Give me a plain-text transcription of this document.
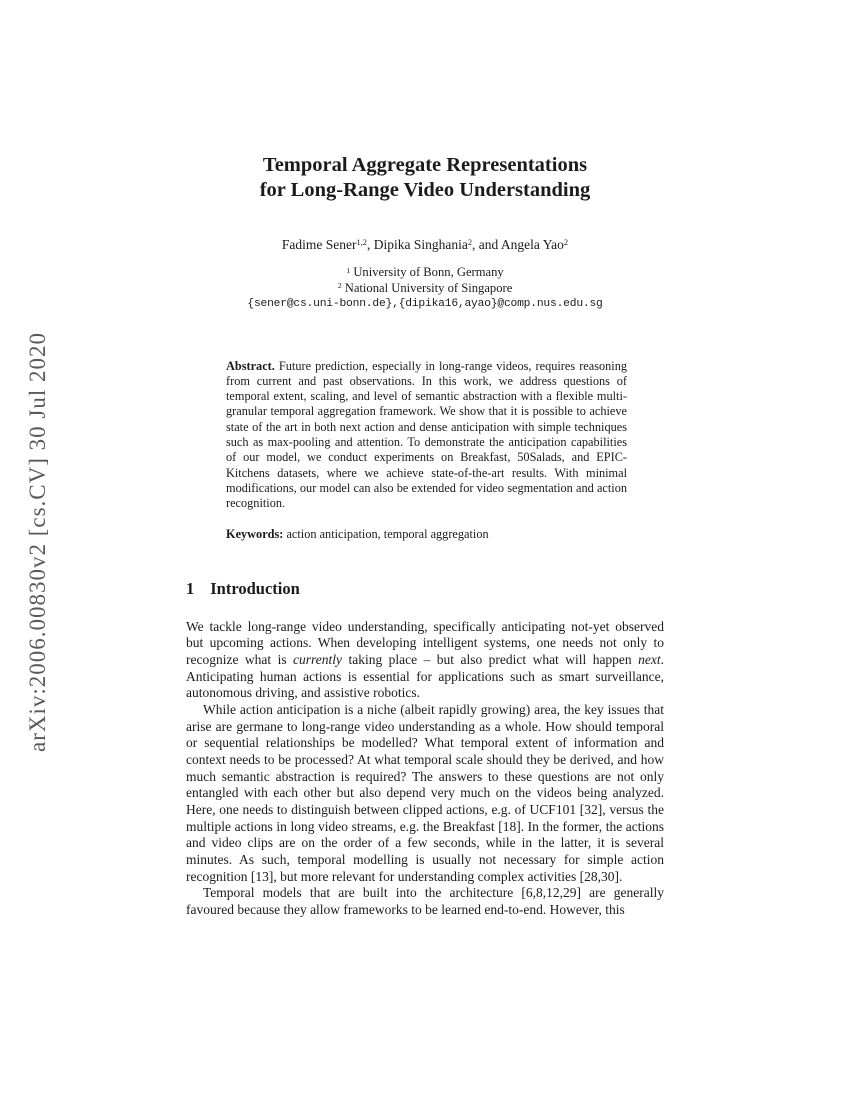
arXiv:2006.00830v2 [cs.CV] 30 Jul 2020
Temporal Aggregate Representations
for Long-Range Video Understanding
Fadime Sener$^{1,2}$, Dipika Singhania$^2$, and Angela Yao$^2$
$^1$ University of Bonn, Germany
$^2$ National University of Singapore
{sener@cs.uni-bonn.de},{dipika16,ayao}@comp.nus.edu.sg
Abstract. Future prediction, especially in long-range videos, requires reasoning from current and past observations. In this work, we address questions of temporal extent, scaling, and level of semantic abstraction with a flexible multi-granular temporal aggregation framework. We show that it is possible to achieve state of the art in both next action and dense anticipation with simple techniques such as max-pooling and attention. To demonstrate the anticipation capabilities of our model, we conduct experiments on Breakfast, 50Salads, and EPIC-Kitchens datasets, where we achieve state-of-the-art results. With minimal modifications, our model can also be extended for video segmentation and action recognition.
Keywords: action anticipation, temporal aggregation
1 Introduction

We tackle long-range video understanding, specifically anticipating not-yet observed but upcoming actions. When developing intelligent systems, one needs not only to recognize what is currently taking place – but also predict what will happen next. Anticipating human actions is essential for applications such as smart surveillance, autonomous driving, and assistive robotics.

While action anticipation is a niche (albeit rapidly growing) area, the key issues that arise are germane to long-range video understanding as a whole. How should temporal or sequential relationships be modelled? What temporal extent of information and context needs to be processed? At what temporal scale should they be derived, and how much semantic abstraction is required? The answers to these questions are not only entangled with each other but also depend very much on the videos being analyzed. Here, one needs to distinguish between clipped actions, e.g. of UCF101 [32], versus the multiple actions in long video streams, e.g. the Breakfast [18]. In the former, the actions and video clips are on the order of a few seconds, while in the latter, it is several minutes. As such, temporal modelling is usually not necessary for simple action recognition [13], but more relevant for understanding complex activities [28,30].

Temporal models that are built into the architecture [6,8,12,29] are generally favoured because they allow frameworks to be learned end-to-end. However, this
